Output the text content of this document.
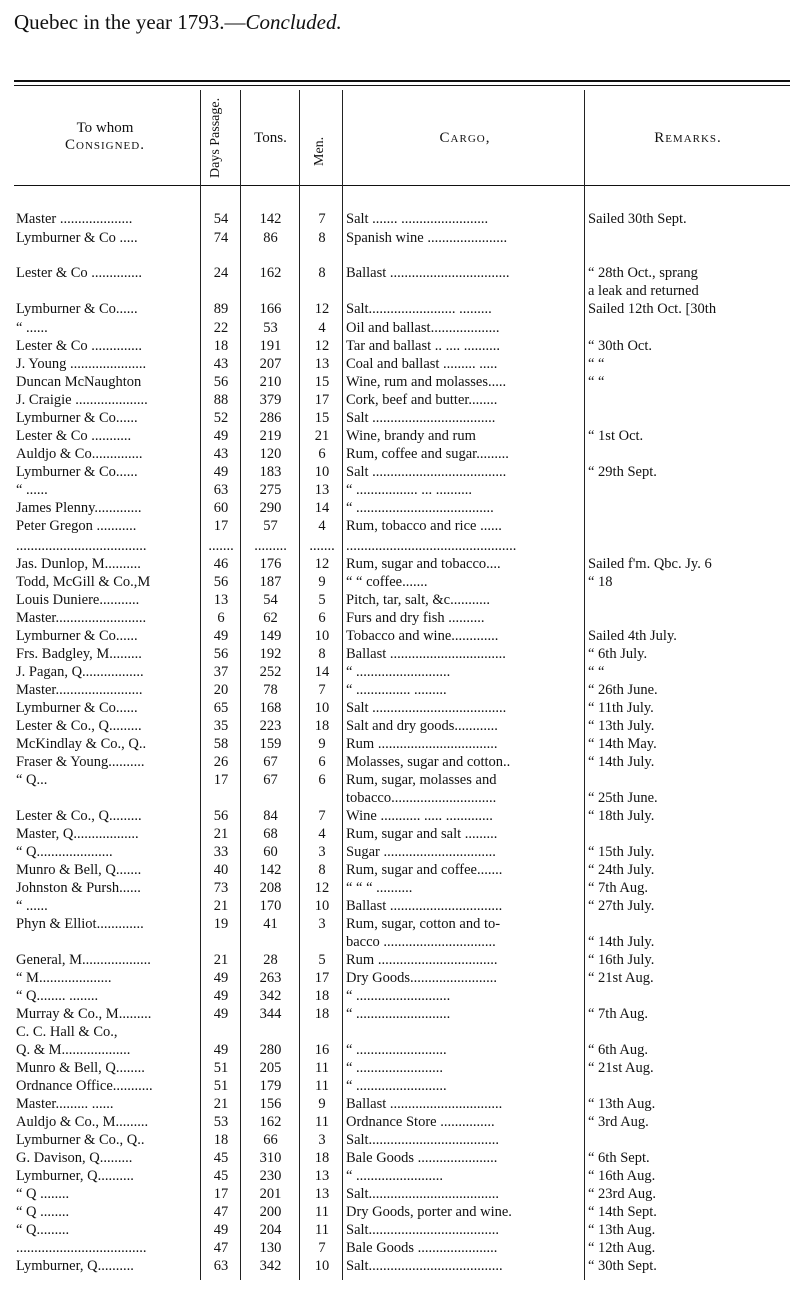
Quebec in the year 1793.—Concluded.
To whom
Consigned.	Days Passage.	Tons.	Men.	Cargo,	Remarks.
Master ....................	54	142	7	Salt ....... ........................	Sailed 30th Sept.
Lymburner & Co .....	74	86	8	Spanish wine ......................
Lester & Co ..............	24	162	8	Ballast .................................	“ 28th Oct., sprang
a leak and returned
Lymburner & Co......	89	166	12	Salt........................ .........	Sailed 12th Oct. [30th
“ ......	22	53	4	Oil and ballast...................
Lester & Co ..............	18	191	12	Tar and ballast .. .... ..........	“ 30th Oct.
J. Young .....................	43	207	13	Coal and ballast ......... .....	“ “
Duncan McNaughton	56	210	15	Wine, rum and molasses.....	“ “
J. Craigie ....................	88	379	17	Cork, beef and butter........
Lymburner & Co......	52	286	15	Salt ..................................
Lester & Co ...........	49	219	21	Wine, brandy and rum	“ 1st Oct.
Auldjo & Co..............	43	120	6	Rum, coffee and sugar.........
Lymburner & Co......	49	183	10	Salt .....................................	“ 29th Sept.
“ ......	63	275	13	“ ................. ... ..........
James Plenny.............	60	290	14	“ ......................................
Peter Gregon ...........	17	57	4	Rum, tobacco and rice ......
....................................	.......	.........	....... ...............................................
Jas. Dunlop, M..........	46	176	12	Rum, sugar and tobacco....	Sailed f'm. Qbc. Jy. 6
Todd, McGill & Co.,M	56	187	9	“ “ coffee.......	“ 18
Louis Duniere...........	13	54	5	Pitch, tar, salt, &c...........
Master.........................	6	62	6	Furs and dry fish ..........
Lymburner & Co......	49	149	10	Tobacco and wine.............	Sailed 4th July.
Frs. Badgley, M.........	56	192	8	Ballast ................................	“ 6th July.
J. Pagan, Q.................	37	252	14	“ ..........................	“ “
Master........................	20	78	7	“ ............... .........	“ 26th June.
Lymburner & Co......	65	168	10	Salt .....................................	“ 11th July.
Lester & Co., Q.........	35	223	18	Salt and dry goods............	“ 13th July.
McKindlay & Co., Q..	58	159	9	Rum .................................	“ 14th May.
Fraser & Young..........	26	67	6	Molasses, sugar and cotton..	“ 14th July.
“ Q...	17	67	6	Rum, sugar, molasses and
tobacco.............................	“ 25th June.
Lester & Co., Q.........	56	84	7	Wine ........... ..... .............	“ 18th July.
Master, Q..................	21	68	4	Rum, sugar and salt .........
“ Q.....................	33	60	3	Sugar ...............................	“ 15th July.
Munro & Bell, Q.......	40	142	8	Rum, sugar and coffee.......	“ 24th July.
Johnston & Pursh......	73	208	12	“ “ “ ..........	“ 7th Aug.
“ ......	21	170	10	Ballast ...............................	“ 27th July.
Phyn & Elliot.............	19	41	3	Rum, sugar, cotton and to-
bacco ...............................	“ 14th July.
General, M...................	21	28	5	Rum .................................	“ 16th July.
“ M....................	49	263	17	Dry Goods........................	“ 21st Aug.
“ Q........ ........	49	342	18	“ ..........................
Murray & Co., M.........	49	344	18	“ ..........................	“ 7th Aug.
C. C. Hall & Co.,
Q. & M...................	49	280	16	“ .........................	“ 6th Aug.
Munro & Bell, Q........	51	205	11	“ ........................	“ 21st Aug.
Ordnance Office...........	51	179	11	“ .........................
Master......... ......	21	156	9	Ballast ...............................	“ 13th Aug.
Auldjo & Co., M.........	53	162	11	Ordnance Store ...............	“ 3rd Aug.
Lymburner & Co., Q..	18	66	3	Salt....................................
G. Davison, Q.........	45	310	18	Bale Goods ......................	“ 6th Sept.
Lymburner, Q..........	45	230	13	“ ........................	“ 16th Aug.
“ Q ........	17	201	13	Salt....................................	“ 23rd Aug.
“ Q ........	47	200	11	Dry Goods, porter and wine.	“ 14th Sept.
“ Q.........	49	204	11	Salt....................................	“ 13th Aug.
....................................	47	130	7	Bale Goods ......................	“ 12th Aug.
Lymburner, Q..........	63	342	10	Salt.....................................	“ 30th Sept.
